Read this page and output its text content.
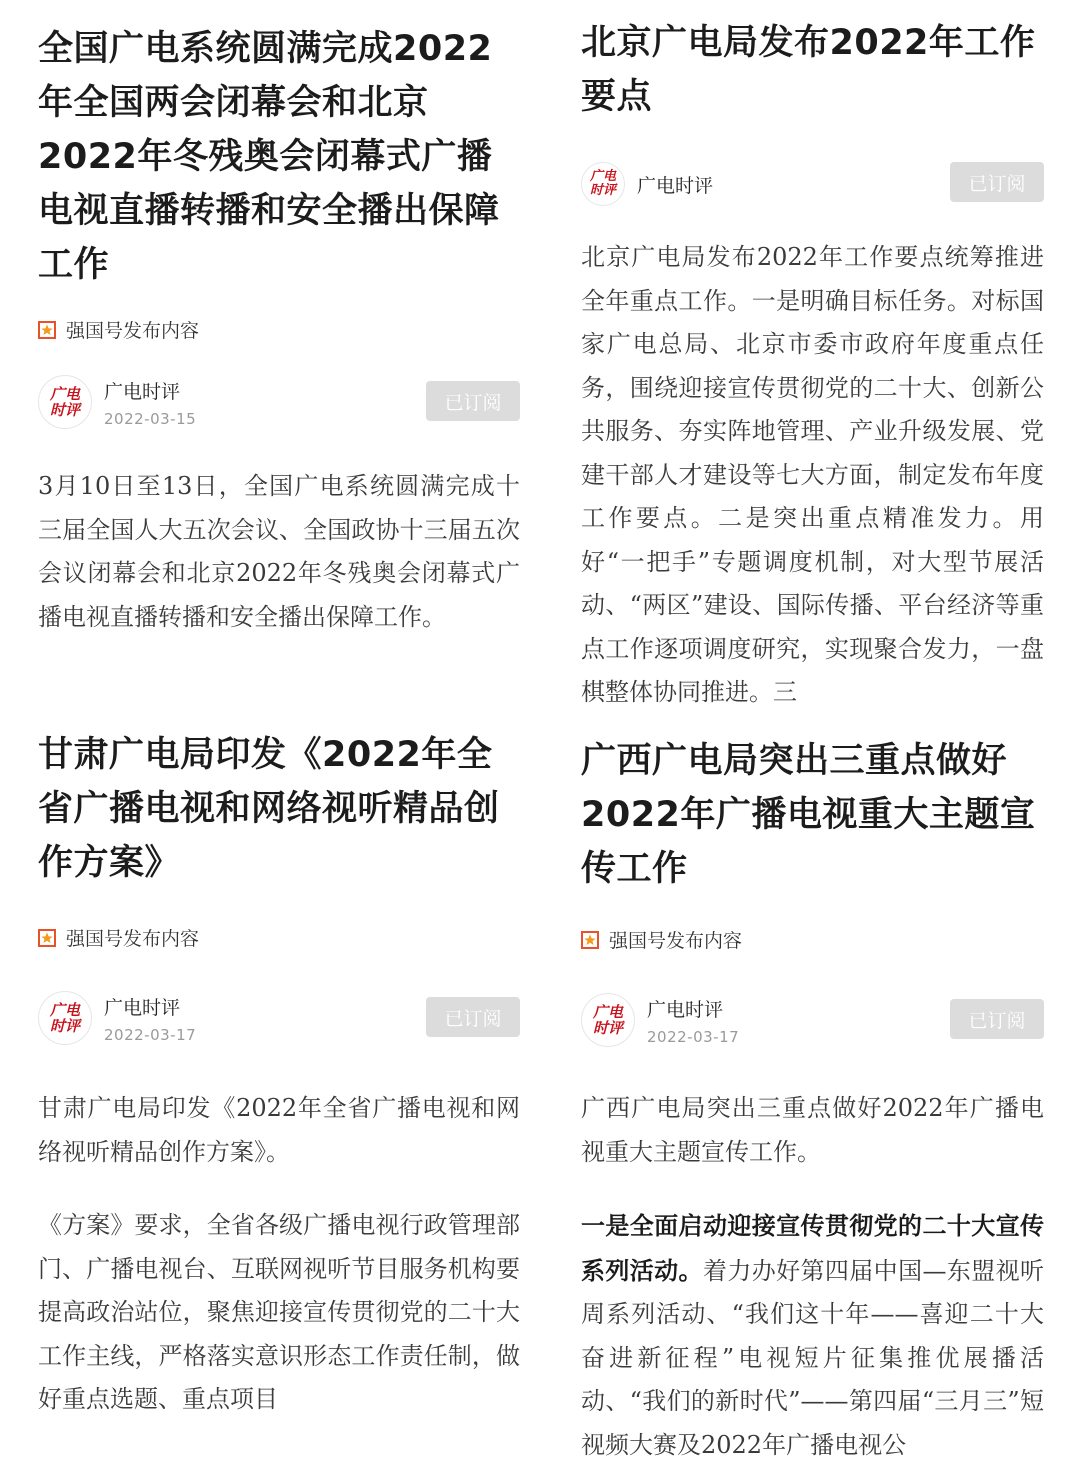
全国广电系统圆满完成2022年全国两会闭幕会和北京2022年冬残奥会闭幕式广播电视直播转播和安全播出保障工作
强国号发布内容
广电
时评
广电时评
2022-03-15
已订阅

3月10日至13日，全国广电系统圆满完成十三届全国人大五次会议、全国政协十三届五次会议闭幕会和北京2022年冬残奥会闭幕式广播电视直播转播和安全播出保障工作。

北京广电局发布2022年工作要点
广电
时评 广电时评	已订阅

北京广电局发布2022年工作要点统筹推进全年重点工作。一是明确目标任务。对标国家广电总局、北京市委市政府年度重点任务，围绕迎接宣传贯彻党的二十大、创新公共服务、夯实阵地管理、产业升级发展、党建干部人才建设等七大方面，制定发布年度工作要点。二是突出重点精准发力。用好“一把手”专题调度机制，对大型节展活动、“两区”建设、国际传播、平台经济等重点工作逐项调度研究，实现聚合发力，一盘棋整体协同推进。三

甘肃广电局印发《2022年全省广播电视和网络视听精品创作方案》
强国号发布内容
广电
时评
广电时评
2022-03-17
已订阅

甘肃广电局印发《2022年全省广播电视和网络视听精品创作方案》。

《方案》要求，全省各级广播电视行政管理部门、广播电视台、互联网视听节目服务机构要提高政治站位，聚焦迎接宣传贯彻党的二十大工作主线，严格落实意识形态工作责任制，做好重点选题、重点项目

广西广电局突出三重点做好2022年广播电视重大主题宣传工作
强国号发布内容
广电
时评
广电时评
2022-03-17
已订阅

广西广电局突出三重点做好2022年广播电视重大主题宣传工作。

一是全面启动迎接宣传贯彻党的二十大宣传系列活动。着力办好第四届中国—东盟视听周系列活动、“我们这十年——喜迎二十大奋进新征程”电视短片征集推优展播活动、“我们的新时代”——第四届“三月三”短视频大赛及2022年广播电视公
